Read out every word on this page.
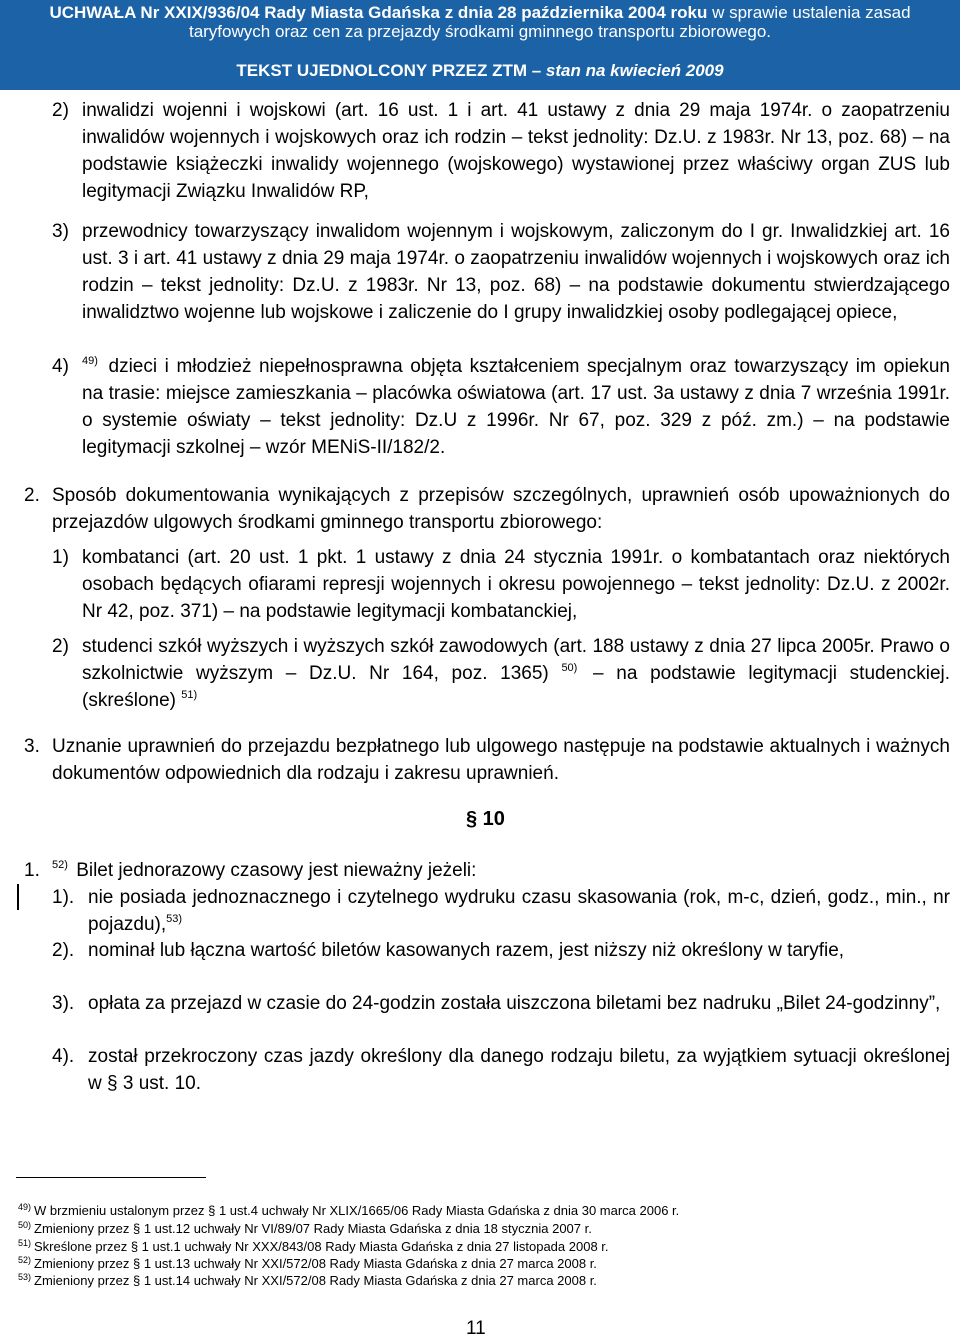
UCHWAŁA Nr XXIX/936/04 Rady Miasta Gdańska z dnia 28 października 2004 roku w sprawie ustalenia zasad
taryfowych oraz cen za przejazdy środkami gminnego transportu zbiorowego.
TEKST UJEDNOLCONY PRZEZ ZTM – stan na kwiecień 2009
2) inwalidzi wojenni i wojskowi (art. 16 ust. 1 i art. 41 ustawy z dnia 29 maja 1974r. o zaopatrzeniu inwalidów wojennych i wojskowych oraz ich rodzin – tekst jednolity: Dz.U. z 1983r. Nr 13, poz. 68) – na podstawie książeczki inwalidy wojennego (wojskowego) wystawionej przez właściwy organ ZUS lub legitymacji Związku Inwalidów RP,
3) przewodnicy towarzyszący inwalidom wojennym i wojskowym, zaliczonym do I gr. Inwalidzkiej art. 16 ust. 3 i art. 41 ustawy z dnia 29 maja 1974r. o zaopatrzeniu inwalidów wojennych i wojskowych oraz ich rodzin – tekst jednolity: Dz.U. z 1983r. Nr 13, poz. 68) – na podstawie dokumentu stwierdzającego inwalidztwo wojenne lub wojskowe i zaliczenie do I grupy inwalidzkiej osoby podlegającej opiece,
4) $^{49)}$ dzieci i młodzież niepełnosprawna objęta kształceniem specjalnym oraz towarzyszący im opiekun na trasie: miejsce zamieszkania – placówka oświatowa (art. 17 ust. 3a ustawy z dnia 7 września 1991r. o systemie oświaty – tekst jednolity: Dz.U z 1996r. Nr 67, poz. 329 z póź. zm.) – na podstawie legitymacji szkolnej – wzór MENiS-II/182/2.
2. Sposób dokumentowania wynikających z przepisów szczególnych, uprawnień osób upoważnionych do przejazdów ulgowych środkami gminnego transportu zbiorowego:
1) kombatanci (art. 20 ust. 1 pkt. 1 ustawy z dnia 24 stycznia 1991r. o kombatantach oraz niektórych osobach będących ofiarami represji wojennych i okresu powojennego – tekst jednolity: Dz.U. z 2002r. Nr 42, poz. 371) – na podstawie legitymacji kombatanckiej,
2) studenci szkół wyższych i wyższych szkół zawodowych (art. 188 ustawy z dnia 27 lipca 2005r. Prawo o szkolnictwie wyższym – Dz.U. Nr 164, poz. 1365) $^{50)}$ – na podstawie legitymacji studenckiej. (skreślone) $^{51)}$
3. Uznanie uprawnień do przejazdu bezpłatnego lub ulgowego następuje na podstawie aktualnych i ważnych dokumentów odpowiednich dla rodzaju i zakresu uprawnień.
§ 10
1. $^{52)}$ Bilet jednorazowy czasowy jest nieważny jeżeli:
1). nie posiada jednoznacznego i czytelnego wydruku czasu skasowania (rok, m-c, dzień, godz., min., nr pojazdu),$^{53)}$
2). nominał lub łączna wartość biletów kasowanych razem, jest niższy niż określony w taryfie,
3). opłata za przejazd w czasie do 24-godzin została uiszczona biletami bez nadruku „Bilet 24-godzinny”,
4). został przekroczony czas jazdy określony dla danego rodzaju biletu, za wyjątkiem sytuacji określonej w § 3 ust. 10.
$^{49)}$ W brzmieniu ustalonym przez § 1 ust.4 uchwały Nr XLIX/1665/06 Rady Miasta Gdańska z dnia 30 marca 2006 r.
$^{50)}$ Zmieniony przez § 1 ust.12 uchwały Nr VI/89/07 Rady Miasta Gdańska z dnia 18 stycznia 2007 r.
$^{51)}$ Skreślone przez § 1 ust.1 uchwały Nr XXX/843/08 Rady Miasta Gdańska z dnia 27 listopada 2008 r.
$^{52)}$ Zmieniony przez § 1 ust.13 uchwały Nr XXI/572/08 Rady Miasta Gdańska z dnia 27 marca 2008 r.
$^{53)}$ Zmieniony przez § 1 ust.14 uchwały Nr XXI/572/08 Rady Miasta Gdańska z dnia 27 marca 2008 r.
11
